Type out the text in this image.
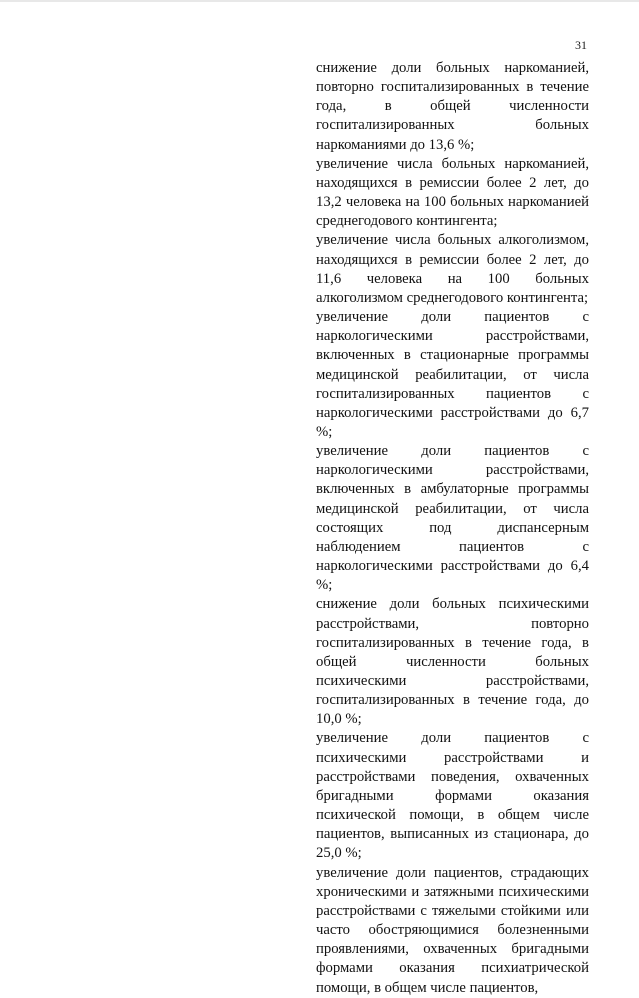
31
снижение доли больных наркоманией, повторно госпитализированных в течение года, в общей численности госпитализированных больных наркоманиями до 13,6 %;
увеличение числа больных наркоманией, находящихся в ремиссии более 2 лет, до 13,2 человека на 100 больных наркоманией среднегодового контингента;
увеличение числа больных алкоголизмом, находящихся в ремиссии более 2 лет, до 11,6 человека на 100 больных алкоголизмом среднегодового контингента;
увеличение доли пациентов с наркологическими расстройствами, включенных в стационарные программы медицинской реабилитации, от числа госпитализированных пациентов с наркологическими расстройствами до 6,7 %;
увеличение доли пациентов с наркологическими расстройствами, включенных в амбулаторные программы медицинской реабилитации, от числа состоящих под диспансерным наблюдением пациентов с наркологическими расстройствами до 6,4 %;
снижение доли больных психическими расстройствами, повторно госпитализированных в течение года, в общей численности больных психическими расстройствами, госпитализированных в течение года, до 10,0 %;
увеличение доли пациентов с психическими расстройствами и расстройствами поведения, охваченных бригадными формами оказания психической помощи, в общем числе пациентов, выписанных из стационара, до 25,0 %;
увеличение доли пациентов, страдающих хроническими и затяжными психическими расстройствами с тяжелыми стойкими или часто обостряющимися болезненными проявлениями, охваченных бригадными формами оказания психиатрической помощи, в общем числе пациентов,
